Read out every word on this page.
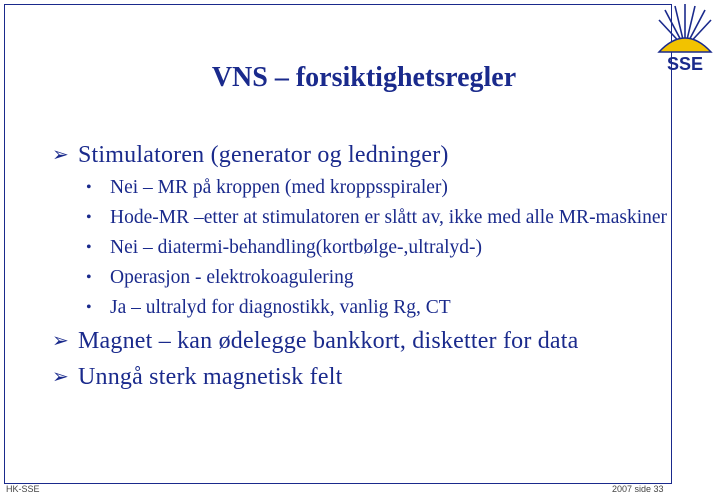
SSE
VNS – forsiktighetsregler
➢ Stimulatoren (generator og ledninger)
• Nei – MR på kroppen (med kroppsspiraler)
• Hode-MR –etter at stimulatoren er slått av, ikke med alle MR-maskiner
• Nei – diatermi-behandling(kortbølge-,ultralyd-)
• Operasjon - elektrokoagulering
• Ja – ultralyd for diagnostikk, vanlig Rg, CT
➢ Magnet – kan ødelegge bankkort, disketter for data
➢ Unngå sterk magnetisk felt
HK-SSE	2007 side 33
